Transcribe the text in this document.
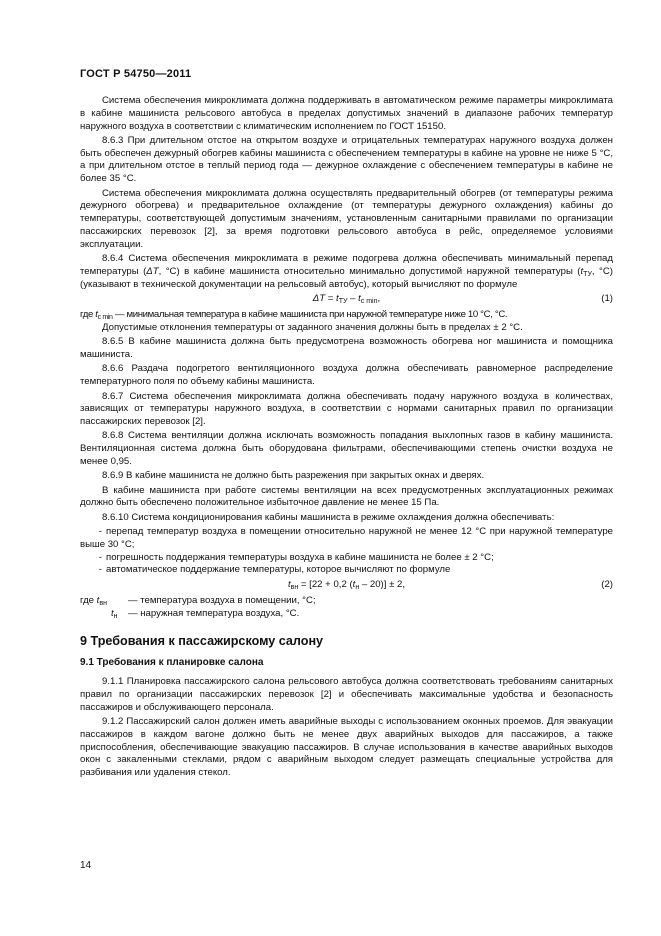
ГОСТ Р 54750—2011

Система обеспечения микроклимата должна поддерживать в автоматическом режиме параметры микроклимата в кабине машиниста рельсового автобуса в пределах допустимых значений в диапазоне рабочих температур наружного воздуха в соответствии с климатическим исполнением по ГОСТ 15150.

8.6.3 При длительном отстое на открытом воздухе и отрицательных температурах наружного воздуха должен быть обеспечен дежурный обогрев кабины машиниста с обеспечением температуры в кабине на уровне не ниже 5 °С, а при длительном отстое в теплый период года — дежурное охлаждение с обеспечением температуры в кабине не более 35 °С.

Система обеспечения микроклимата должна осуществлять предварительный обогрев (от температуры режима дежурного обогрева) и предварительное охлаждение (от температуры дежурного охлаждения) кабины до температуры, соответствующей допустимым значениям, установленным санитарными правилами по организации пассажирских перевозок [2], за время подготовки рельсового автобуса в рейс, определяемое условиями эксплуатации.

8.6.4 Система обеспечения микроклимата в режиме подогрева должна обеспечивать минимальный перепад температуры (ΔT, °С) в кабине машиниста относительно минимально допустимой наружной температуры ($t_{ТУ}$, °С) (указывают в технической документации на рельсовый автобус), который вычисляют по формуле

$\Delta T = t_{ТУ} - t_{c min}$,	(1)

где $t_{c min}$ — минимальная температура в кабине машиниста при наружной температуре ниже 10 °С, °С.

Допустимые отклонения температуры от заданного значения должны быть в пределах ± 2 °С.

8.6.5 В кабине машиниста должна быть предусмотрена возможность обогрева ног машиниста и помощника машиниста.

8.6.6 Раздача подогретого вентиляционного воздуха должна обеспечивать равномерное распределение температурного поля по объему кабины машиниста.

8.6.7 Система обеспечения микроклимата должна обеспечивать подачу наружного воздуха в количествах, зависящих от температуры наружного воздуха, в соответствии с нормами санитарных правил по организации пассажирских перевозок [2].

8.6.8 Система вентиляции должна исключать возможность попадания выхлопных газов в кабину машиниста. Вентиляционная система должна быть оборудована фильтрами, обеспечивающими степень очистки воздуха не менее 0,95.

8.6.9 В кабине машиниста не должно быть разрежения при закрытых окнах и дверях.

В кабине машиниста при работе системы вентиляции на всех предусмотренных эксплуатационных режимах должно быть обеспечено положительное избыточное давление не менее 15 Па.

8.6.10 Система кондиционирования кабины машиниста в режиме охлаждения должна обеспечивать:

- перепад температур воздуха в помещении относительно наружной не менее 12 °С при наружной температуре выше 30 °С;

- погрешность поддержания температуры воздуха в кабине машиниста не более ± 2 °С;

- автоматическое поддержание температуры, которое вычисляют по формуле

$t_{вн} = [22 + 0,2$ $(t_н - 20)] \pm 2$,	(2)
где $t_{вн}$	— температура воздуха в помещении, °С;
$t_н$	— наружная температура воздуха, °С.
9 Требования к пассажирскому салону
9.1 Требования к планировке салона

9.1.1 Планировка пассажирского салона рельсового автобуса должна соответствовать требованиям санитарных правил по организации пассажирских перевозок [2] и обеспечивать максимальные удобства и безопасность пассажиров и обслуживающего персонала.

9.1.2 Пассажирский салон должен иметь аварийные выходы с использованием оконных проемов. Для эвакуации пассажиров в каждом вагоне должно быть не менее двух аварийных выходов для пассажиров, а также приспособления, обеспечивающие эвакуацию пассажиров. В случае использования в качестве аварийных выходов окон с закаленными стеклами, рядом с аварийным выходом следует размещать специальные устройства для разбивания или удаления стекол.

14
